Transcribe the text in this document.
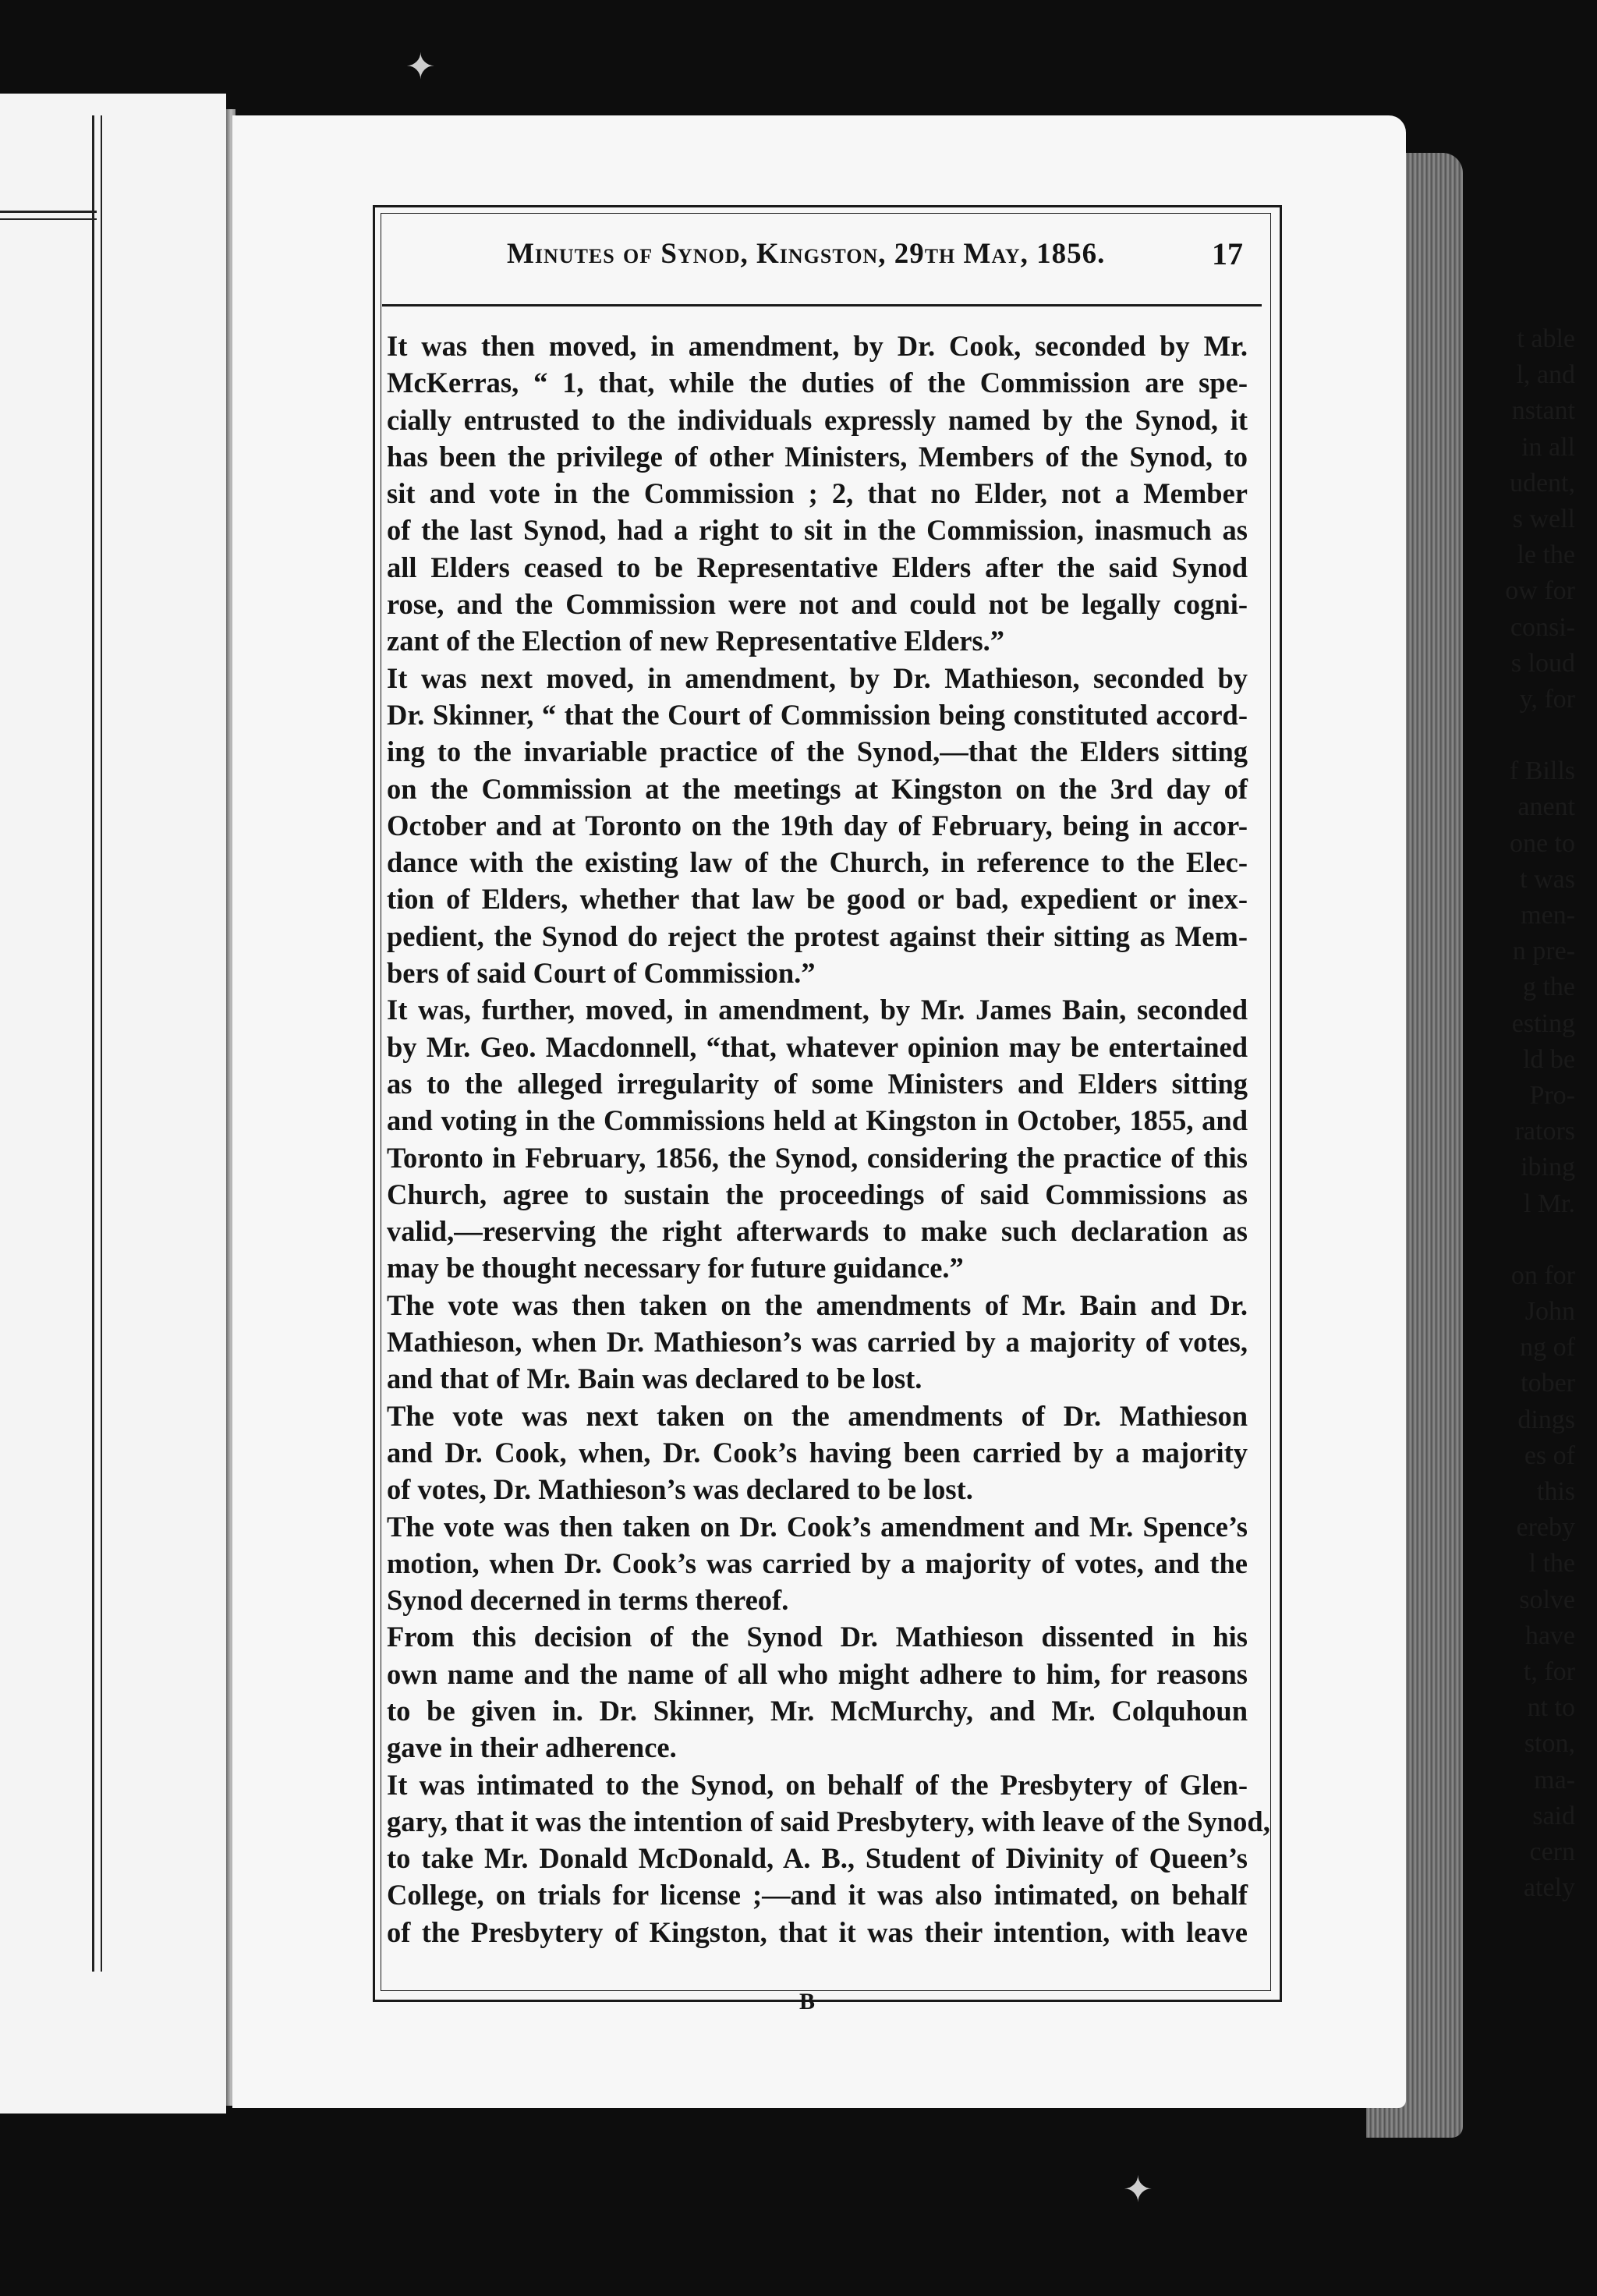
t able
l, and
nstant
in all
udent,
s well
le the
ow for
consi-
s loud
y, for
f Bills
anent
one to
t was
men-
n pre-
g the
esting
ld be
Pro-
rators
ibing
l Mr.
on for
John
ng of
tober
dings
es of
this
ereby
l the
solve
have
t, for
nt to
ston,
ma-
said
cern
ately
Minutes of Synod, Kingston, 29th May, 1856.	17
It was then moved, in amendment, by Dr. Cook, seconded by Mr.
McKerras, “ 1, that, while the duties of the Commission are spe-
cially entrusted to the individuals expressly named by the Synod, it
has been the privilege of other Ministers, Members of the Synod, to
sit and vote in the Commission ; 2, that no Elder, not a Member
of the last Synod, had a right to sit in the Commission, inasmuch as
all Elders ceased to be Representative Elders after the said Synod
rose, and the Commission were not and could not be legally cogni-
zant of the Election of new Representative Elders.”
It was next moved, in amendment, by Dr. Mathieson, seconded by
Dr. Skinner, “ that the Court of Commission being constituted accord-
ing to the invariable practice of the Synod,—that the Elders sitting
on the Commission at the meetings at Kingston on the 3rd day of
October and at Toronto on the 19th day of February, being in accor-
dance with the existing law of the Church, in reference to the Elec-
tion of Elders, whether that law be good or bad, expedient or inex-
pedient, the Synod do reject the protest against their sitting as Mem-
bers of said Court of Commission.”
It was, further, moved, in amendment, by Mr. James Bain, seconded
by Mr. Geo. Macdonnell, “that, whatever opinion may be entertained
as to the alleged irregularity of some Ministers and Elders sitting
and voting in the Commissions held at Kingston in October, 1855, and
Toronto in February, 1856, the Synod, considering the practice of this
Church, agree to sustain the proceedings of said Commissions as
valid,—reserving the right afterwards to make such declaration as
may be thought necessary for future guidance.”
The vote was then taken on the amendments of Mr. Bain and Dr.
Mathieson, when Dr. Mathieson’s was carried by a majority of votes,
and that of Mr. Bain was declared to be lost.
The vote was next taken on the amendments of Dr. Mathieson
and Dr. Cook, when, Dr. Cook’s having been carried by a majority
of votes, Dr. Mathieson’s was declared to be lost.
The vote was then taken on Dr. Cook’s amendment and Mr. Spence’s
motion, when Dr. Cook’s was carried by a majority of votes, and the
Synod decerned in terms thereof.
From this decision of the Synod Dr. Mathieson dissented in his
own name and the name of all who might adhere to him, for reasons
to be given in. Dr. Skinner, Mr. McMurchy, and Mr. Colquhoun
gave in their adherence.
It was intimated to the Synod, on behalf of the Presbytery of Glen-
gary, that it was the intention of said Presbytery, with leave of the Synod,
to take Mr. Donald McDonald, A. B., Student of Divinity of Queen’s
College, on trials for license ;—and it was also intimated, on behalf
of the Presbytery of Kingston, that it was their intention, with leave
B
✦
✦
